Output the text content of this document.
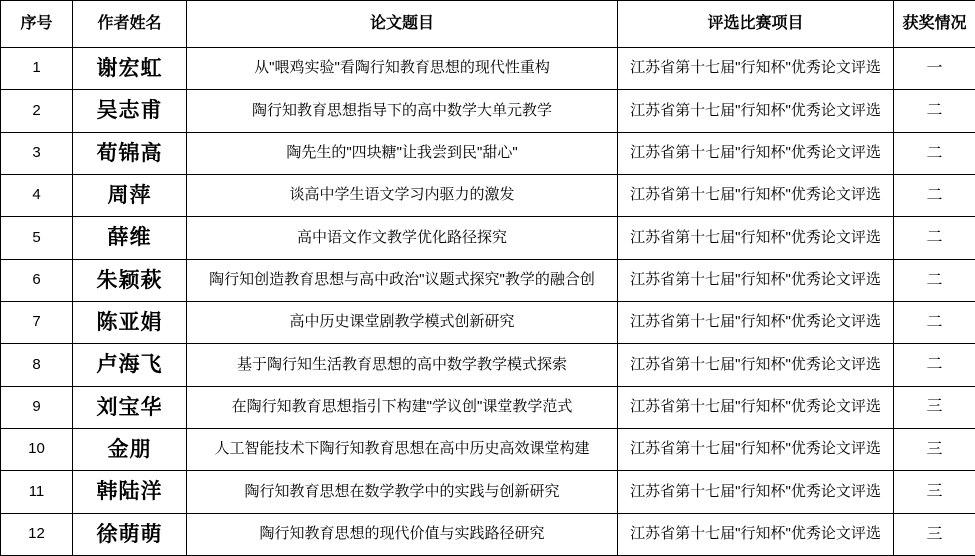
序号	作者姓名	论文题目	评选比赛项目	获奖情况
1	谢宏虹	从"喂鸡实验"看陶行知教育思想的现代性重构	江苏省第十七届"行知杯"优秀论文评选	一
2	吴志甫	陶行知教育思想指导下的高中数学大单元教学	江苏省第十七届"行知杯"优秀论文评选	二
3	荀锦高	陶先生的"四块糖"让我尝到民"甜心"	江苏省第十七届"行知杯"优秀论文评选	二
4	周萍	谈高中学生语文学习内驱力的激发	江苏省第十七届"行知杯"优秀论文评选	二
5	薛维	高中语文作文教学优化路径探究	江苏省第十七届"行知杯"优秀论文评选	二
6	朱颖萩	陶行知创造教育思想与高中政治"议题式探究"教学的融合创	江苏省第十七届"行知杯"优秀论文评选	二
7	陈亚娟	高中历史课堂剧教学模式创新研究	江苏省第十七届"行知杯"优秀论文评选	二
8	卢海飞	基于陶行知生活教育思想的高中数学教学模式探索	江苏省第十七届"行知杯"优秀论文评选	二
9	刘宝华	在陶行知教育思想指引下构建"学议创"课堂教学范式	江苏省第十七届"行知杯"优秀论文评选	三
10	金朋	人工智能技术下陶行知教育思想在高中历史高效课堂构建	江苏省第十七届"行知杯"优秀论文评选	三
11	韩陆洋	陶行知教育思想在数学教学中的实践与创新研究	江苏省第十七届"行知杯"优秀论文评选	三
12	徐萌萌	陶行知教育思想的现代价值与实践路径研究	江苏省第十七届"行知杯"优秀论文评选	三
